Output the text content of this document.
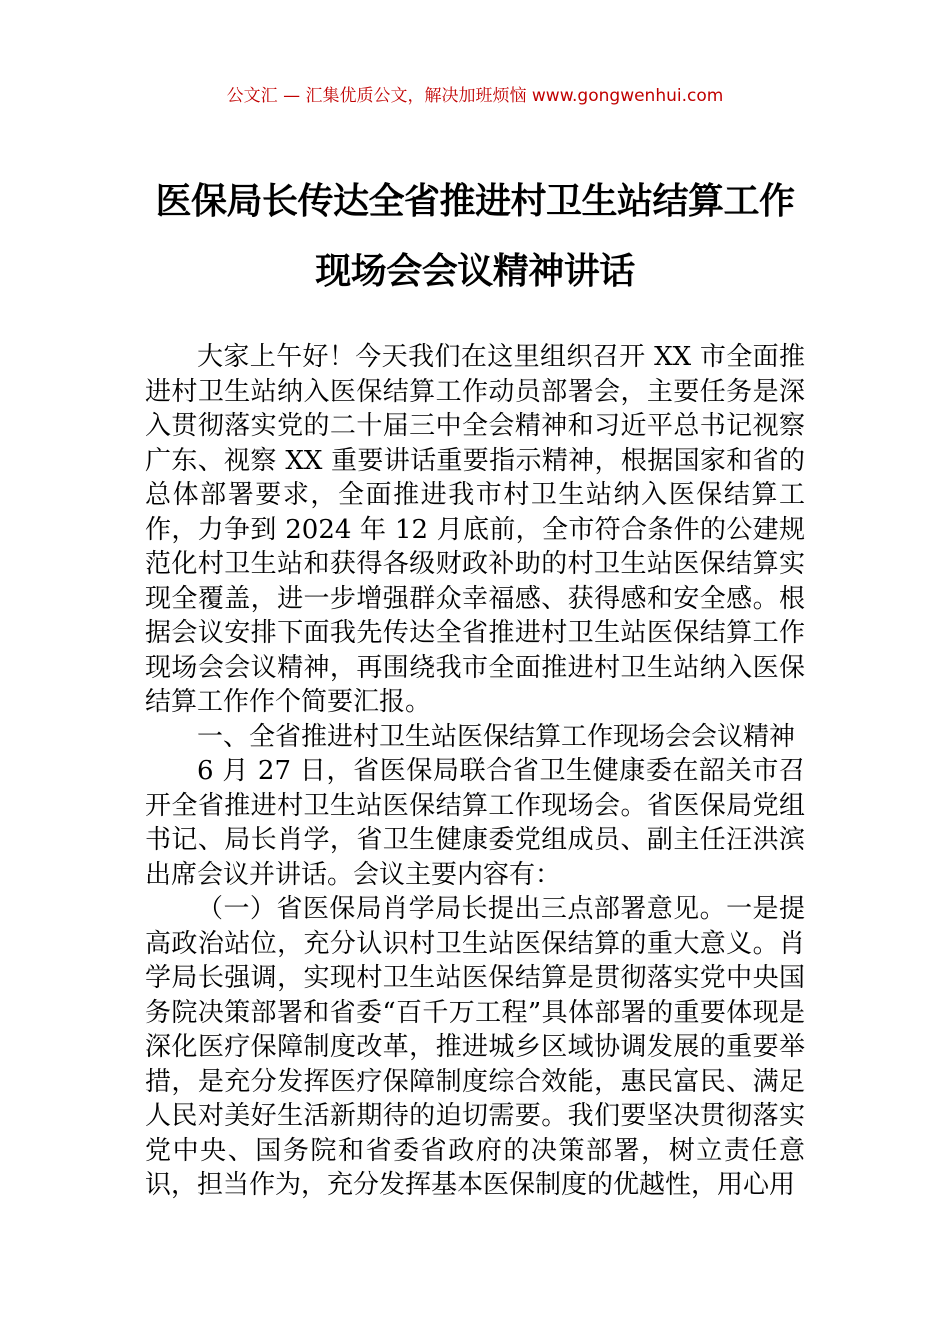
公文汇 — 汇集优质公文，解决加班烦恼 www.gongwenhui.com
医保局长传达全省推进村卫生站结算工作
现场会会议精神讲话

大家上午好！今天我们在这里组织召开 XX 市全面推进村卫生站纳入医保结算工作动员部署会，主要任务是深入贯彻落实党的二十届三中全会精神和习近平总书记视察广东、视察 XX 重要讲话重要指示精神，根据国家和省的总体部署要求，全面推进我市村卫生站纳入医保结算工作，力争到 2024 年 12 月底前，全市符合条件的公建规范化村卫生站和获得各级财政补助的村卫生站医保结算实现全覆盖，进一步增强群众幸福感、获得感和安全感。根据会议安排下面我先传达全省推进村卫生站医保结算工作现场会会议精神，再围绕我市全面推进村卫生站纳入医保结算工作作个简要汇报。

一、全省推进村卫生站医保结算工作现场会会议精神

6 月 27 日，省医保局联合省卫生健康委在韶关市召开全省推进村卫生站医保结算工作现场会。省医保局党组书记、局长肖学，省卫生健康委党组成员、副主任汪洪滨出席会议并讲话。会议主要内容有：

（一）省医保局肖学局长提出三点部署意见。一是提高政治站位，充分认识村卫生站医保结算的重大意义。肖学局长强调，实现村卫生站医保结算是贯彻落实党中央国务院决策部署和省委“百千万工程”具体部署的重要体现是深化医疗保障制度改革，推进城乡区域协调发展的重要举措，是充分发挥医疗保障制度综合效能，惠民富民、满足人民对美好生活新期待的迫切需要。我们要坚决贯彻落实党中央、国务院和省委省政府的决策部署，树立责任意识，担当作为，充分发挥基本医保制度的优越性，用心用
